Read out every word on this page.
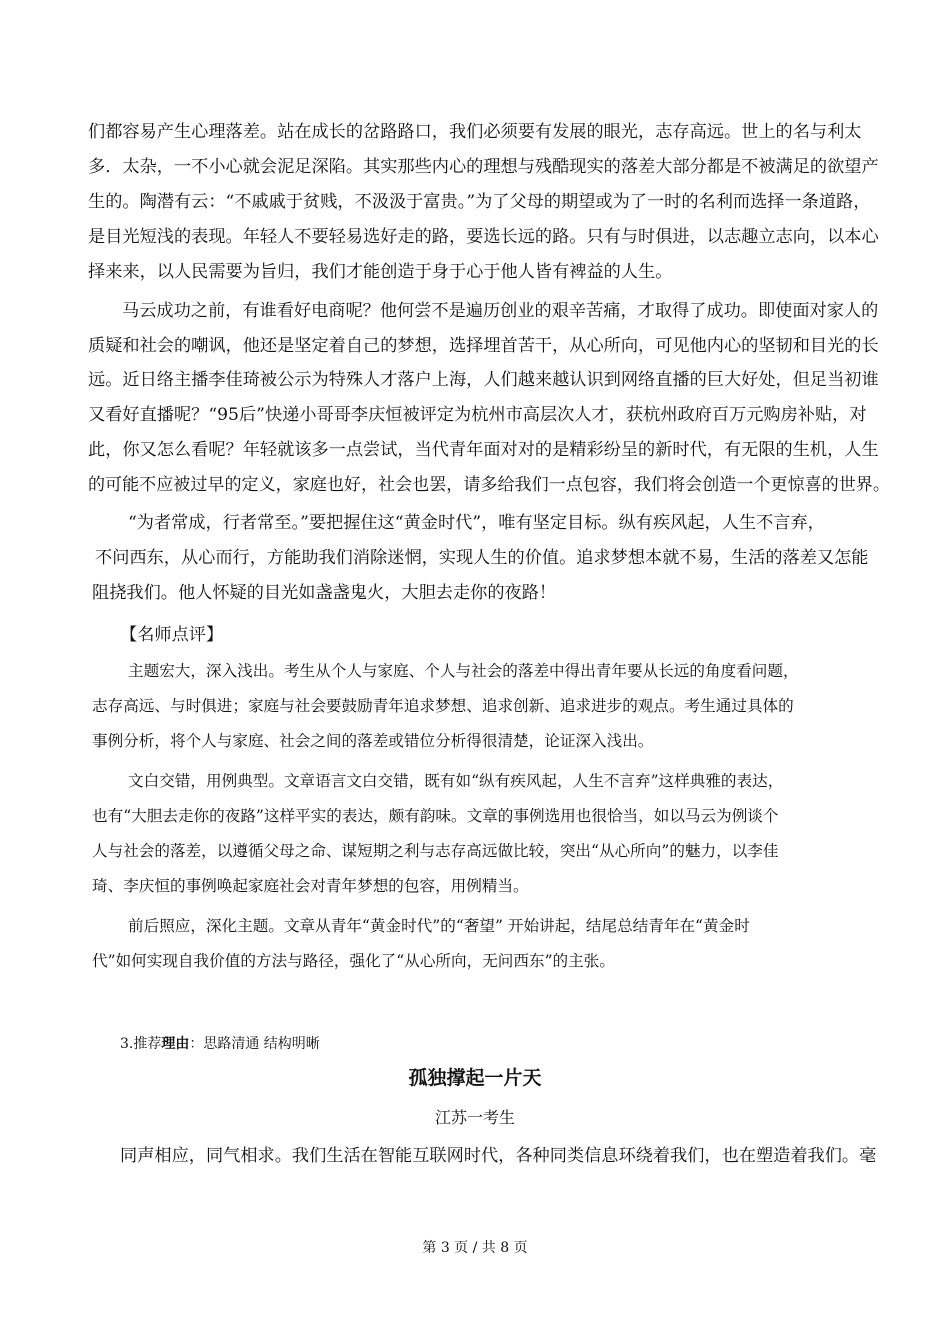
们都容易产生心理落差。站在成长的岔路路口，我们必须要有发展的眼光，志存高远。世上的名与利太
多．太杂，一不小心就会泥足深陷。其实那些内心的理想与残酷现实的落差大部分都是不被满足的欲望产
生的。陶潜有云：“不戚戚于贫贱，不汲汲于富贵。”为了父母的期望或为了一时的名利而选择一条道路，
是目光短浅的表现。年轻人不要轻易选好走的路，要选长远的路。只有与时俱进，以志趣立志向，以本心
择来来，以人民需要为旨归，我们才能创造于身于心于他人皆有裨益的人生。
马云成功之前，有谁看好电商呢？他何尝不是遍历创业的艰辛苦痛，才取得了成功。即使面对家人的
质疑和社会的嘲讽，他还是坚定着自己的梦想，选择埋首苦干，从心所向，可见他内心的坚韧和目光的长
远。近日络主播李佳琦被公示为特殊人才落户上海，人们越来越认识到网络直播的巨大好处，但足当初谁
又看好直播呢？“95后”快递小哥哥李庆恒被评定为杭州市高层次人才，获杭州政府百万元购房补贴，对
此，你又怎么看呢？年轻就该多一点尝试，当代青年面对对的是精彩纷呈的新时代，有无限的生机，人生
的可能不应被过早的定义，家庭也好，社会也罢，请多给我们一点包容，我们将会创造一个更惊喜的世界。
“为者常成，行者常至。”要把握住这“黄金时代”，唯有坚定目标。纵有疾风起，人生不言弃，
不问西东，从心而行，方能助我们消除迷惘，实现人生的价值。追求梦想本就不易，生活的落差又怎能
阻挠我们。他人怀疑的目光如盏盏鬼火，大胆去走你的夜路！
【名师点评】
主题宏大，深入浅出。考生从个人与家庭、个人与社会的落差中得出青年要从长远的角度看问题，
志存高远、与时俱进；家庭与社会要鼓励青年追求梦想、追求创新、追求进步的观点。考生通过具体的
事例分析，将个人与家庭、社会之间的落差或错位分析得很清楚，论证深入浅出。
文白交错，用例典型。文章语言文白交错，既有如“纵有疾风起，人生不言弃”这样典雅的表达，
也有“大胆去走你的夜路”这样平实的表达，颇有韵味。文章的事例选用也很恰当，如以马云为例谈个
人与社会的落差，以遵循父母之命、谋短期之利与志存高远做比较，突出“从心所向”的魅力，以李佳
琦、李庆恒的事例唤起家庭社会对青年梦想的包容，用例精当。
前后照应，深化主题。文章从青年“黄金时代”的“奢望” 开始讲起，结尾总结青年在“黄金时
代”如何实现自我价值的方法与路径，强化了“从心所向，无问西东”的主张。
3.推荐理由：思路清通 结构明晰
孤独撑起一片天
江苏一考生
同声相应，同气相求。我们生活在智能互联网时代，各种同类信息环绕着我们，也在塑造着我们。毫
第 3 页 / 共 8 页
